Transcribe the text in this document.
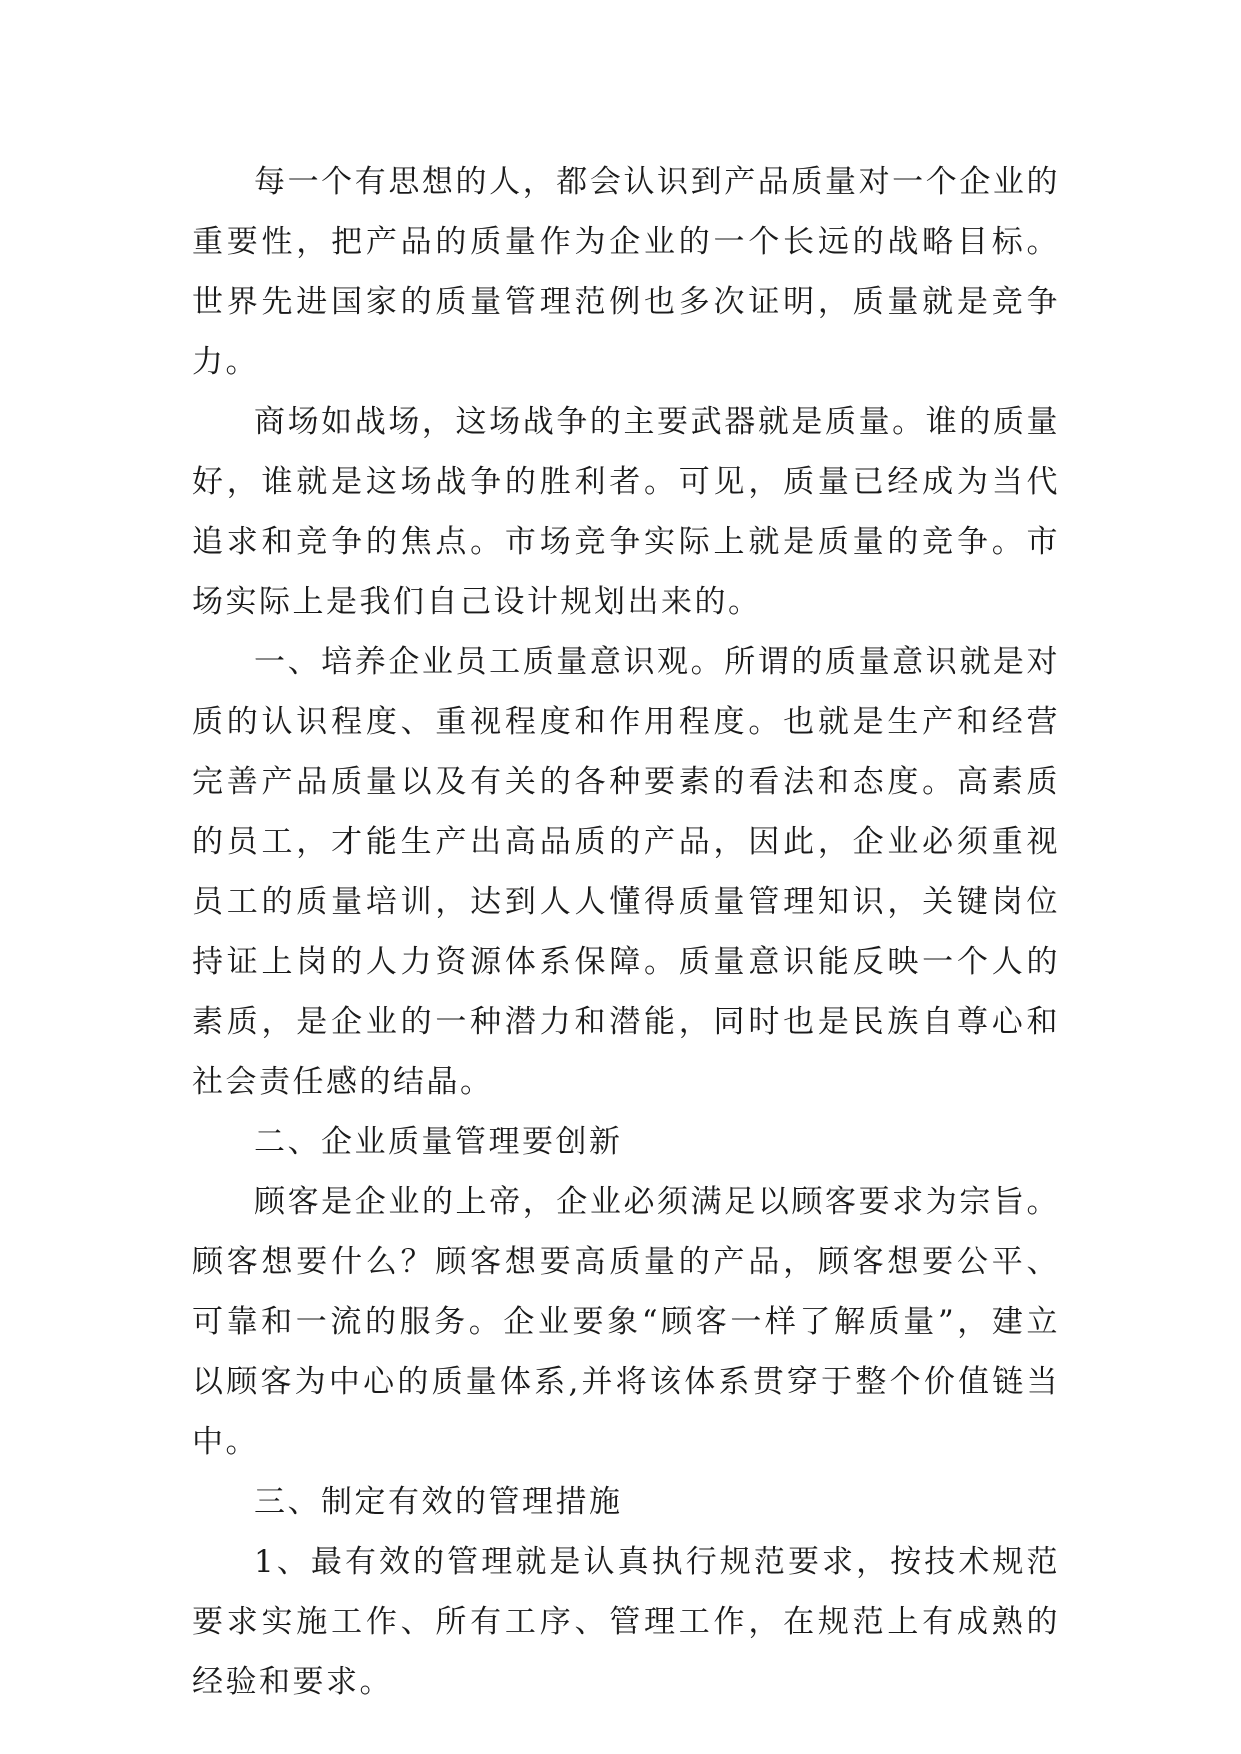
每一个有思想的人，都会认识到产品质量对一个企业的重要性，把产品的质量作为企业的一个长远的战略目标。世界先进国家的质量管理范例也多次证明，质量就是竞争力。

商场如战场，这场战争的主要武器就是质量。谁的质量好，谁就是这场战争的胜利者。可见，质量已经成为当代追求和竞争的焦点。市场竞争实际上就是质量的竞争。市场实际上是我们自己设计规划出来的。

一、培养企业员工质量意识观。所谓的质量意识就是对质的认识程度、重视程度和作用程度。也就是生产和经营完善产品质量以及有关的各种要素的看法和态度。高素质的员工，才能生产出高品质的产品，因此，企业必须重视员工的质量培训，达到人人懂得质量管理知识，关键岗位持证上岗的人力资源体系保障。质量意识能反映一个人的素质，是企业的一种潜力和潜能，同时也是民族自尊心和社会责任感的结晶。

二、企业质量管理要创新

顾客是企业的上帝，企业必须满足以顾客要求为宗旨。顾客想要什么？顾客想要高质量的产品，顾客想要公平、可靠和一流的服务。企业要象“顾客一样了解质量”，建立以顾客为中心的质量体系,并将该体系贯穿于整个价值链当中。

三、制定有效的管理措施

1、最有效的管理就是认真执行规范要求，按技术规范要求实施工作、所有工序、管理工作，在规范上有成熟的经验和要求。
